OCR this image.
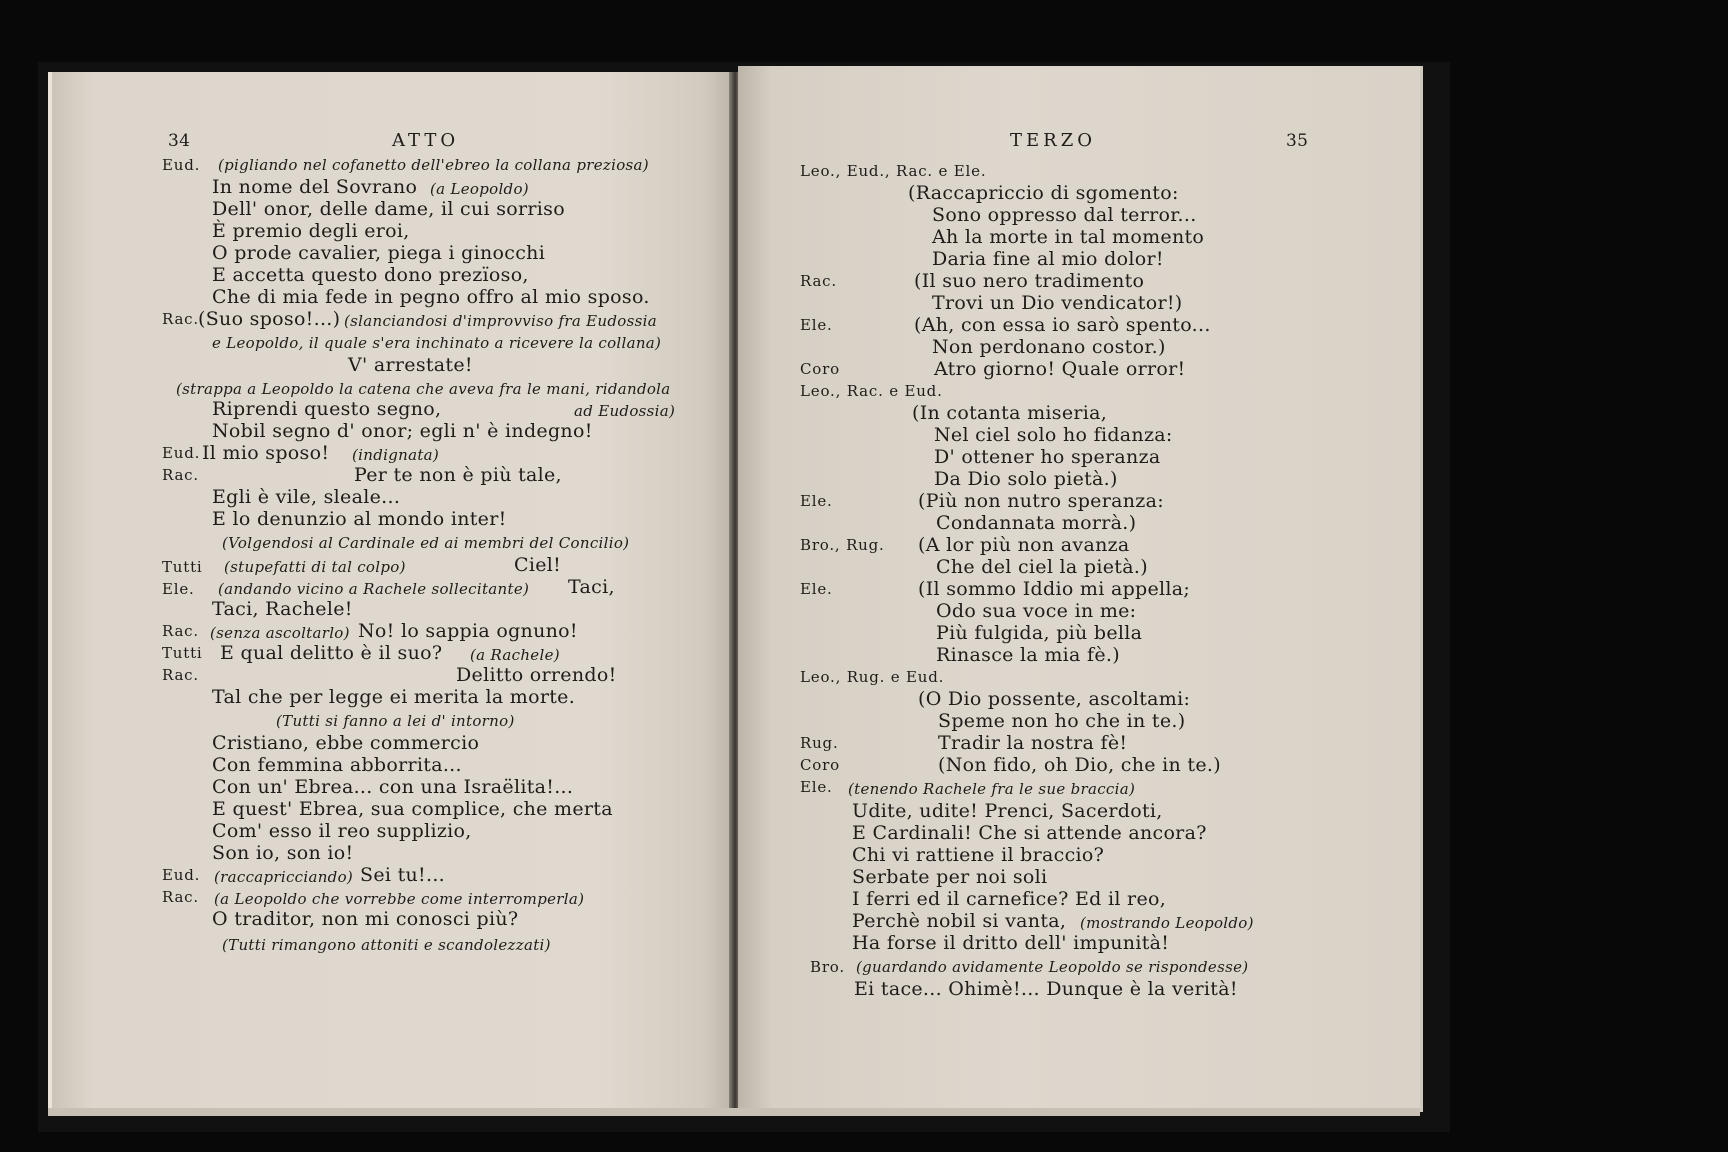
34	ATTO
Eud. (pigliando nel cofanetto dell'ebreo la collana preziosa)
In nome del Sovrano (a Leopoldo)
Dell' onor, delle dame, il cui sorriso
È premio degli eroi,
O prode cavalier, piega i ginocchi
E accetta questo dono prezïoso,
Che di mia fede in pegno offro al mio sposo.
Rac. (Suo sposo!...) (slanciandosi d'improvviso fra Eudossia
e Leopoldo, il quale s'era inchinato a ricevere la collana)
V' arrestate!
(strappa a Leopoldo la catena che aveva fra le mani, ridandola
Riprendi questo segno,	ad Eudossia)
Nobil segno d' onor; egli n' è indegno!
Eud. Il mio sposo! (indignata)
Rac.	Per te non è più tale,
Egli è vile, sleale...
E lo denunzio al mondo inter!
(Volgendosi al Cardinale ed ai membri del Concilio)
Tutti (stupefatti di tal colpo)	Ciel!
Ele. (andando vicino a Rachele sollecitante) Taci,
Taci, Rachele!
Rac. (senza ascoltarlo) No! lo sappia ognuno!
Tutti E qual delitto è il suo? (a Rachele)
Rac.	Delitto orrendo!
Tal che per legge ei merita la morte.
(Tutti si fanno a lei d' intorno)
Cristiano, ebbe commercio
Con femmina abborrita...
Con un' Ebrea... con una Israëlita!...
E quest' Ebrea, sua complice, che merta
Com' esso il reo supplizio,
Son io, son io!
Eud. (raccapricciando) Sei tu!...
Rac. (a Leopoldo che vorrebbe come interromperla)
O traditor, non mi conosci più?
(Tutti rimangono attoniti e scandolezzati)
TERZO	35
Leo., Eud., Rac. e Ele.
(Raccapriccio di sgomento:
Sono oppresso dal terror...
Ah la morte in tal momento
Daria fine al mio dolor!
Rac.	(Il suo nero tradimento
Trovi un Dio vendicator!)
Ele.	(Ah, con essa io sarò spento...
Non perdonano costor.)
Coro	Atro giorno! Quale orror!
Leo., Rac. e Eud.
(In cotanta miseria,
Nel ciel solo ho fidanza:
D' ottener ho speranza
Da Dio solo pietà.)
Ele.	(Più non nutro speranza:
Condannata morrà.)
Bro., Rug. (A lor più non avanza
Che del ciel la pietà.)
Ele.	(Il sommo Iddio mi appella;
Odo sua voce in me:
Più fulgida, più bella
Rinasce la mia fè.)
Leo., Rug. e Eud.
(O Dio possente, ascoltami:
Speme non ho che in te.)
Rug.	Tradir la nostra fè!
Coro	(Non fido, oh Dio, che in te.)
Ele. (tenendo Rachele fra le sue braccia)
Udite, udite! Prenci, Sacerdoti,
E Cardinali! Che si attende ancora?
Chi vi rattiene il braccio?
Serbate per noi soli
I ferri ed il carnefice? Ed il reo,
Perchè nobil si vanta, (mostrando Leopoldo)
Ha forse il dritto dell' impunità!
Bro. (guardando avidamente Leopoldo se rispondesse)
Ei tace... Ohimè!... Dunque è la verità!
